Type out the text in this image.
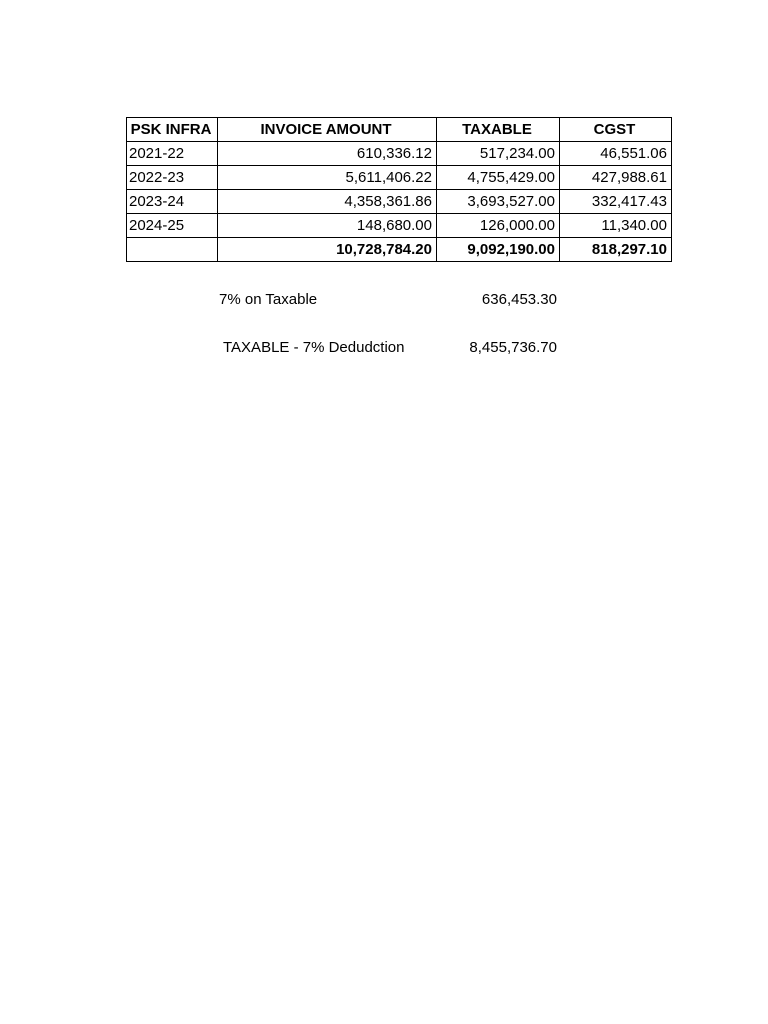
PSK INFRA	INVOICE AMOUNT	TAXABLE	CGST
2021-22	610,336.12	517,234.00	46,551.06
2022-23	5,611,406.22	4,755,429.00	427,988.61
2023-24	4,358,361.86	3,693,527.00	332,417.43
2024-25	148,680.00	126,000.00	11,340.00
	10,728,784.20	9,092,190.00	818,297.10
7% on Taxable	636,453.30
TAXABLE - 7% Dedudction	8,455,736.70
